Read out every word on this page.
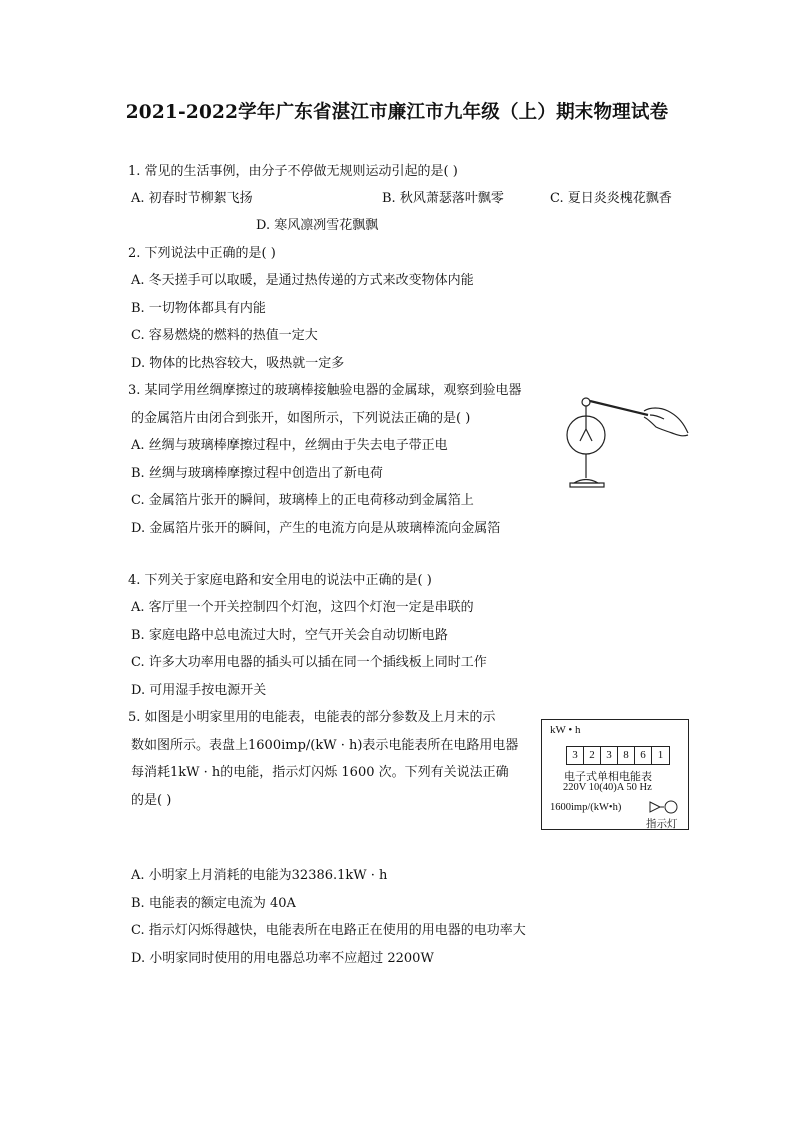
2021-2022学年广东省湛江市廉江市九年级（上）期末物理试卷
1. 常见的生活事例，由分子不停做无规则运动引起的是( )
A. 初春时节柳絮飞扬	B. 秋风萧瑟落叶飘零	C. 夏日炎炎槐花飘香
D. 寒风凛冽雪花飘飘
2. 下列说法中正确的是( )
A. 冬天搓手可以取暖，是通过热传递的方式来改变物体内能
B. 一切物体都具有内能
C. 容易燃烧的燃料的热值一定大
D. 物体的比热容较大，吸热就一定多
3. 某同学用丝绸摩擦过的玻璃棒接触验电器的金属球，观察到验电器
的金属箔片由闭合到张开，如图所示，下列说法正确的是( )
A. 丝绸与玻璃棒摩擦过程中，丝绸由于失去电子带正电
B. 丝绸与玻璃棒摩擦过程中创造出了新电荷
C. 金属箔片张开的瞬间，玻璃棒上的正电荷移动到金属箔上
D. 金属箔片张开的瞬间，产生的电流方向是从玻璃棒流向金属箔
4. 下列关于家庭电路和安全用电的说法中正确的是( )
A. 客厅里一个开关控制四个灯泡，这四个灯泡一定是串联的
B. 家庭电路中总电流过大时，空气开关会自动切断电路
C. 许多大功率用电器的插头可以插在同一个插线板上同时工作
D. 可用湿手按电源开关
5. 如图是小明家里用的电能表，电能表的部分参数及上月末的示
数如图所示。表盘上1600imp/(kW · h)表示电能表所在电路用电器
每消耗1kW · h的电能，指示灯闪烁 1600 次。下列有关说法正确
的是( )
kW • h
3	2	3	8	6	1
电子式单相电能表
220V 10(40)A 50 Hz
1600imp/(kW•h)
指示灯
A. 小明家上月消耗的电能为32386.1kW · h
B. 电能表的额定电流为 40A
C. 指示灯闪烁得越快，电能表所在电路正在使用的用电器的电功率大
D. 小明家同时使用的用电器总功率不应超过 2200W
